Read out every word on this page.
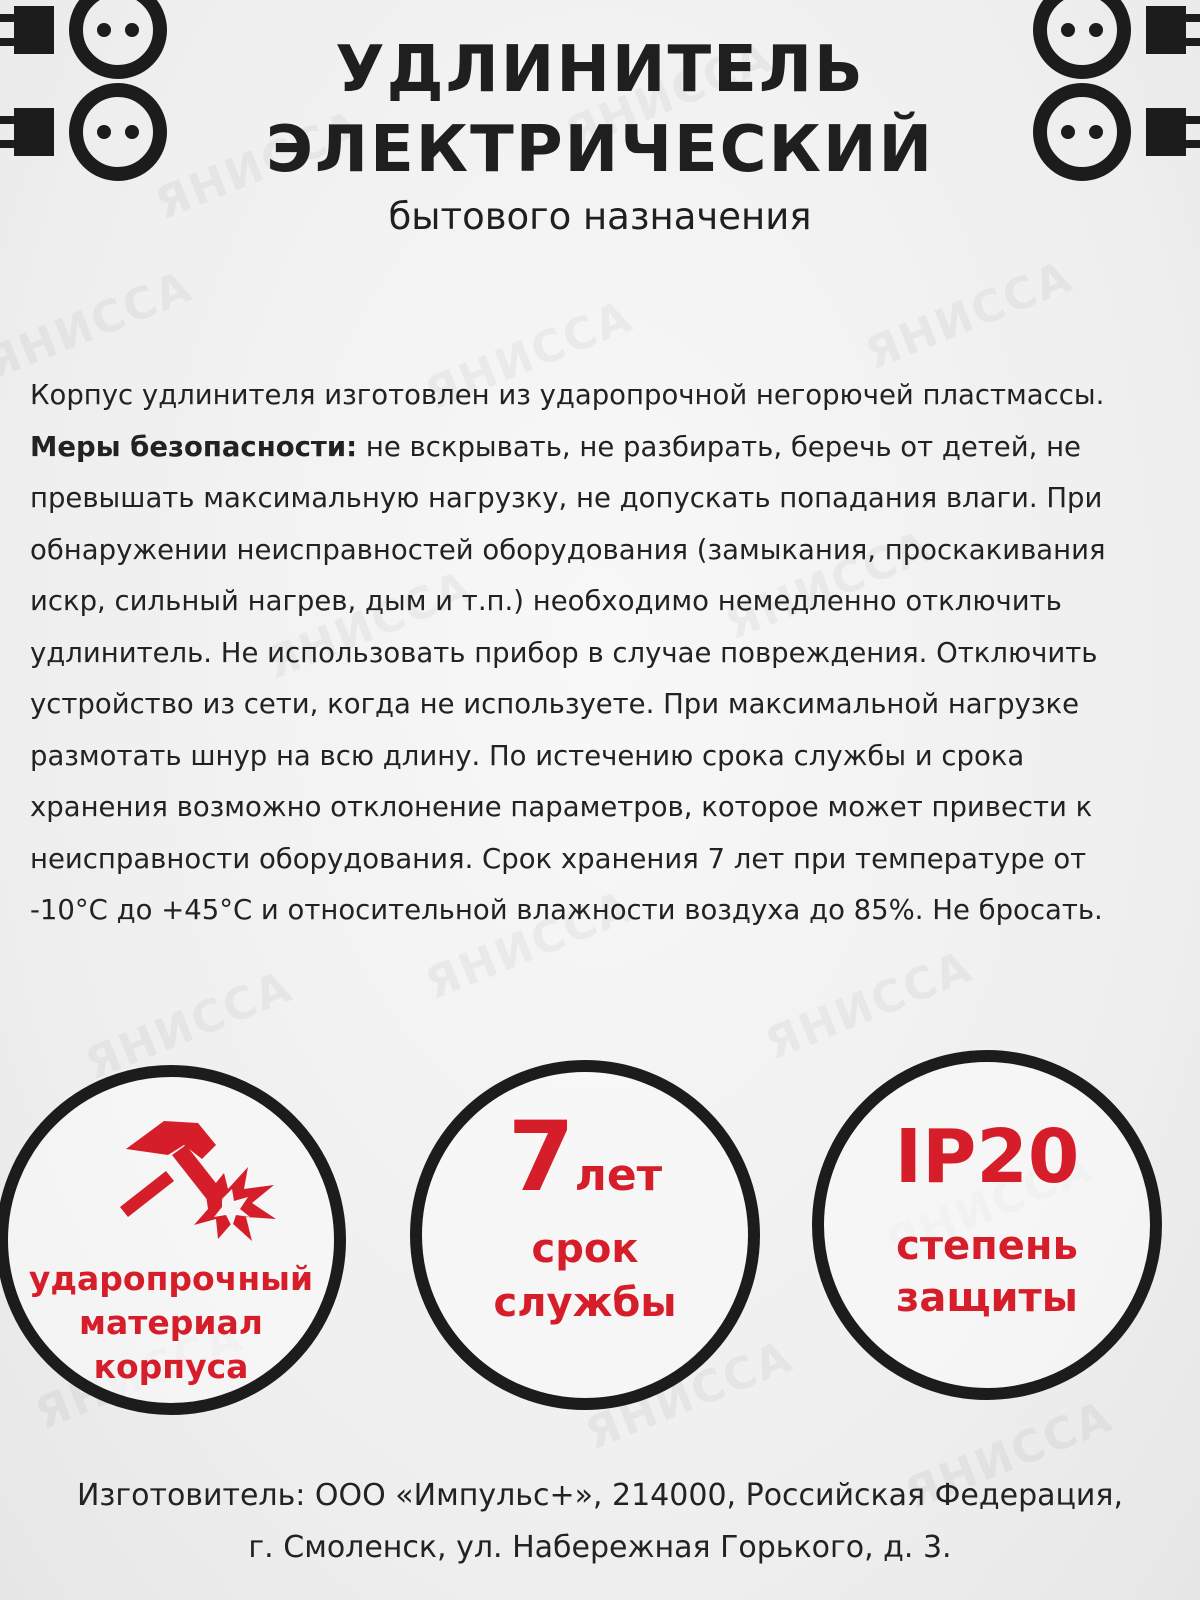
УДЛИНИТЕЛЬ
ЭЛЕКТРИЧЕСКИЙ
бытового назначения
Корпус удлинителя изготовлен из ударопрочной негорючей пластмассы.
Меры безопасности: не вскрывать, не разбирать, беречь от детей, не
превышать максимальную нагрузку, не допускать попадания влаги. При
обнаружении неисправностей оборудования (замыкания, проскакивания
искр, сильный нагрев, дым и т.п.) необходимо немедленно отключить
удлинитель. Не использовать прибор в случае повреждения. Отключить
устройство из сети, когда не используете. При максимальной нагрузке
размотать шнур на всю длину. По истечению срока службы и срока
хранения возможно отклонение параметров, которое может привести к
неисправности оборудования. Срок хранения 7 лет при температуре от
-10°С до +45°С и относительной влажности воздуха до 85%. Не бросать.
ударопрочный
материал
корпуса
7лет
срок
службы
IP20
степень
защиты
Изготовитель: ООО «Импульс+», 214000, Российская Федерация,
г. Смоленск, ул. Набережная Горького, д. 3.
